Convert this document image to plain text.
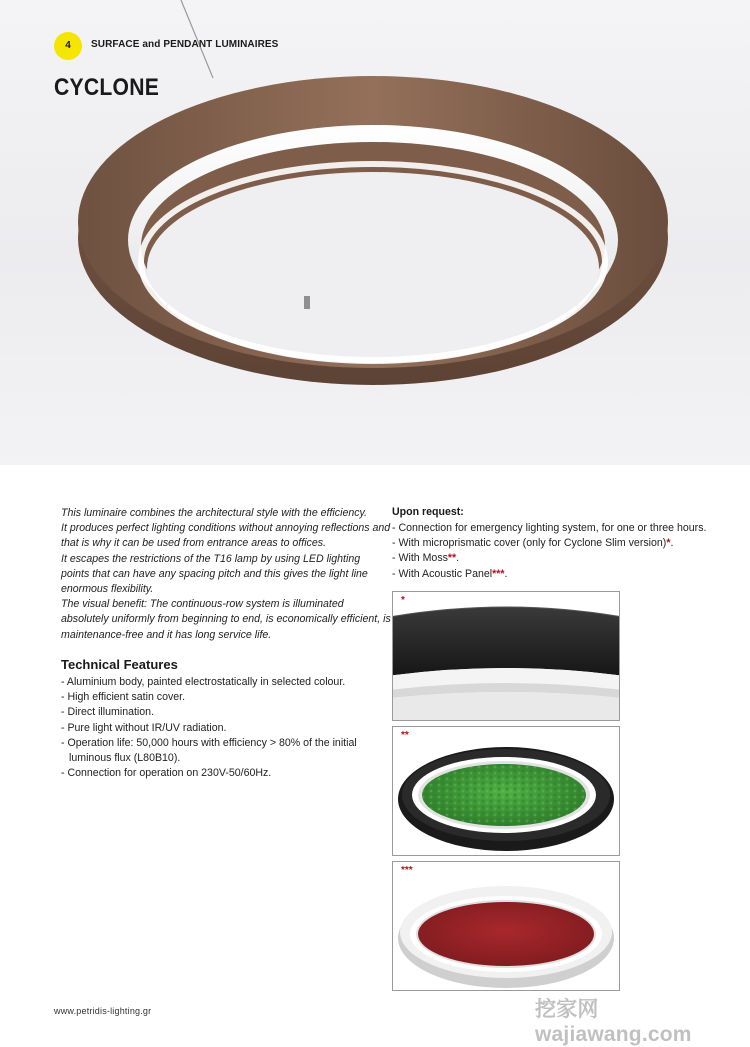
4	SURFACE and PENDANT LUMINAIRES
CYCLONE

This luminaire combines the architectural style with the efficiency.

It produces perfect lighting conditions without annoying reflections and that is why it can be used from entrance areas to offices.

It escapes the restrictions of the T16 lamp by using LED lighting points that can have any spacing pitch and this gives the light line enormous flexibility.

The visual benefit: The continuous-row system is illuminated absolutely uniformly from beginning to end, is economically efficient, is maintenance-free and it has long service life.

Technical Features
- Aluminium body, painted electrostatically in selected colour.
- High efficient satin cover.
- Direct illumination.
- Pure light without IR/UV radiation.
- Operation life: 50,000 hours with efficiency > 80% of the initial luminous flux (L80B10).
- Connection for operation on 230V-50/60Hz.
Upon request:
- Connection for emergency lighting system, for one or three hours.
- With microprismatic cover (only for Cyclone Slim version)*.
- With Moss**.
- With Acoustic Panel***.
*
**
***
www.petridis-lighting.gr	挖家网 wajiawang.com
